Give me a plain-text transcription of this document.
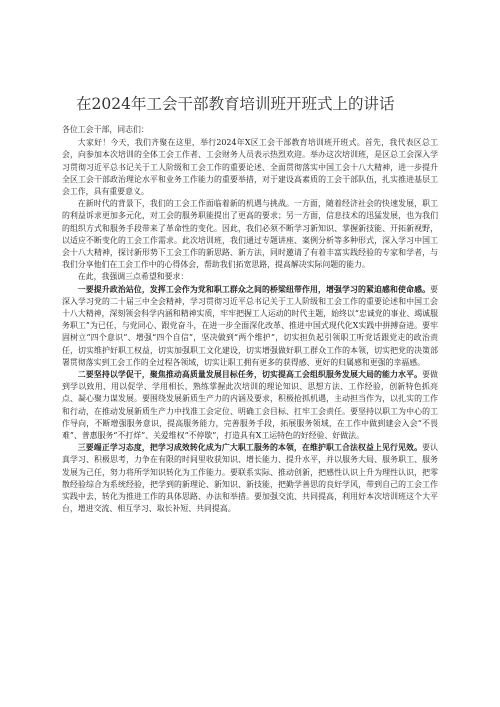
在2024年工会干部教育培训班开班式上的讲话

各位工会干部，同志们：

大家好！今天，我们齐聚在这里，举行2024年X区工会干部教育培训班开班式。首先，我代表区总工会，向参加本次培训的全体工会工作者、工会财务人员表示热烈欢迎。举办这次培训班，是区总工会深入学习贯彻习近平总书记关于工人阶级和工会工作的重要论述、全面贯彻落实中国工会十八大精神，进一步提升全区工会干部政治理论水平和业务工作能力的重要举措，对于建设高素质的工会干部队伍，扎实推进基层工会工作，具有重要意义。

在新时代的背景下，我们的工会工作面临着新的机遇与挑战。一方面，随着经济社会的快速发展，职工的利益诉求更加多元化，对工会的服务职能提出了更高的要求；另一方面，信息技术的迅猛发展，也为我们的组织方式和服务手段带来了革命性的变化。因此，我们必须不断学习新知识、掌握新技能、开拓新视野，以适应不断变化的工会工作需求。此次培训班，我们通过专题讲座、案例分析等多种形式，深入学习中国工会十八大精神，探讨新形势下工会工作的新思路、新方法，同时邀请了有着丰富实践经验的专家和学者，与我们分享他们在工会工作中的心得体会，帮助我们拓宽思路，提高解决实际问题的能力。

在此，我强调三点希望和要求：

一要提升政治站位，发挥工会作为党和职工群众之间的桥梁纽带作用，增强学习的紧迫感和使命感。要深入学习党的二十届三中全会精神，学习贯彻习近平总书记关于工人阶级和工会工作的重要论述和中国工会十八大精神，深刻领会科学内涵和精神实质，牢牢把握工人运动的时代主题，始终以“忠诚党的事业、竭诚服务职工”为已任，与党同心、跟党奋斗，在进一步全面深化改革、推进中国式现代化X实践中拼搏奋进。要牢固树立“四个意识”、增强“四个自信”，坚决做到“两个维护”，切实担负起引领职工听党话跟党走的政治责任，切实维护好职工权益，切实加强职工文化建设，切实增强做好职工群众工作的本领，切实把党的决策部署贯彻落实到工会工作的全过程各领域，切实让职工拥有更多的获得感、更好的归属感和更强的幸福感。

二要坚持以学促干，聚焦推动高质量发展目标任务，切实提高工会组织服务发展大局的能力水平。要做到学以致用、用以促学、学用相长，熟练掌握此次培训的理论知识、思想方法、工作经验，创新特色抓亮点、凝心聚力谋发展。要围绕发展新质生产力的内涵及要求，积极抢抓机遇，主动担当作为，以扎实的工作和行动，在推动发展新质生产力中找准工会定位、明确工会目标、扛牢工会责任。要坚持以职工为中心的工作导向，不断增强服务意识，提高服务能力，完善服务手段，拓展服务领域，在工作中做到建会入会“不畏难”、普惠服务“不打烊”、关爱维权“不停歇”，打造具有X工运特色的好经验、好做法。

三要端正学习态度，把学习成效转化成为广大职工服务的本领，在维护职工合法权益上见行见效。要认真学习、积极思考，力争在有限的时间里收获知识、增长能力、提升水平，并以服务大局、服务职工、服务发展为己任，努力将所学知识转化为工作能力。要联系实际、推动创新，把感性认识上升为理性认识，把零散经验综合为系统经验，把学到的新理论、新知识、新技能，把勤学善思的良好学风，带到自己的工会工作实践中去，转化为推进工作的具体思路、办法和举措。要加强交流、共同提高，利用好本次培训班这个大平台，增进交流、相互学习、取长补短、共同提高。
